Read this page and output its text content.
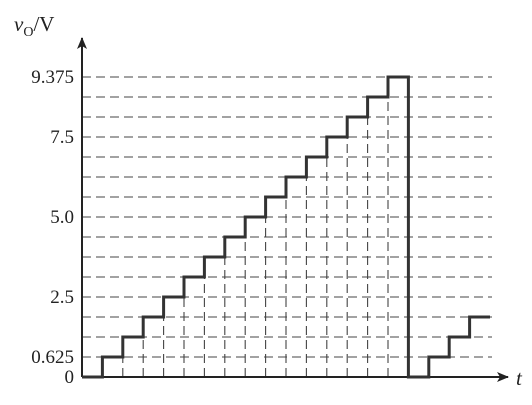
$v_O/V$
t
0
0.625
2.5
5.0
7.5
9.375
